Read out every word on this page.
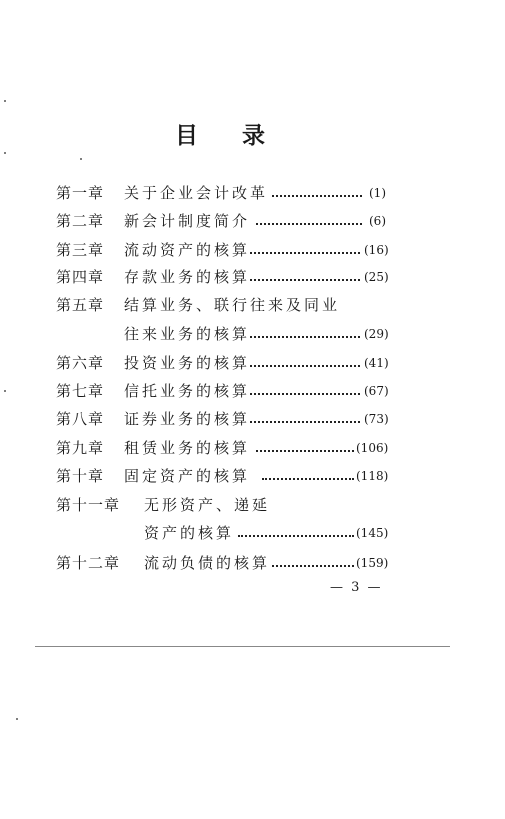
目 录
第一章 关于企业会计改革	(1)
第二章 新会计制度简介	(6)
第三章 流动资产的核算	(16)
第四章 存款业务的核算	(25)
第五章 结算业务、联行往来及同业
往来业务的核算	(29)
第六章 投资业务的核算	(41)
第七章 信托业务的核算	(67)
第八章 证券业务的核算	(73)
第九章 租赁业务的核算	(106)
第十章 固定资产的核算	(118)
第十一章 无形资产、递延
资产的核算	(145)
第十二章 流动负债的核算	(159)
— 3 —
